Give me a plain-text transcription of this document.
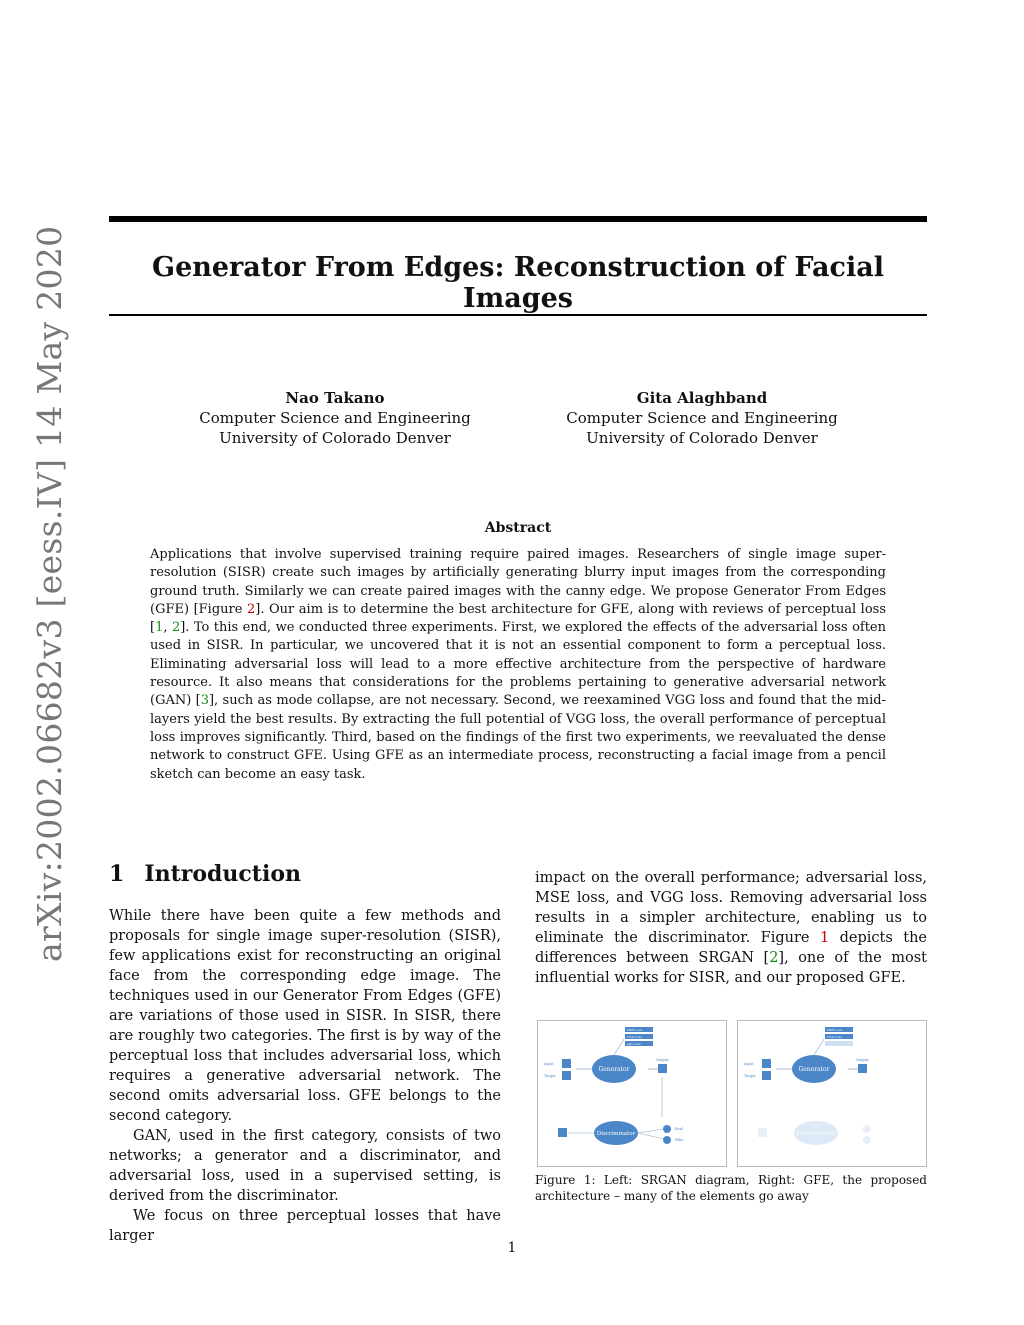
arXiv:2002.06682v3 [eess.IV] 14 May 2020	Generator From Edges: Reconstruction of Facial Images
Nao Takano
Computer Science and Engineering
University of Colorado Denver
Gita Alaghband
Computer Science and Engineering
University of Colorado Denver
Abstract

Applications that involve supervised training require paired images. Researchers of single image super-resolution (SISR) create such images by artificially generating blurry input images from the corresponding ground truth. Similarly we can create paired images with the canny edge. We propose Generator From Edges (GFE) [Figure 2]. Our aim is to determine the best architecture for GFE, along with reviews of perceptual loss [1, 2]. To this end, we conducted three experiments. First, we explored the effects of the adversarial loss often used in SISR. In particular, we uncovered that it is not an essential component to form a perceptual loss. Eliminating adversarial loss will lead to a more effective architecture from the perspective of hardware resource. It also means that considerations for the problems pertaining to generative adversarial network (GAN) [3], such as mode collapse, are not necessary. Second, we reexamined VGG loss and found that the mid-layers yield the best results. By extracting the full potential of VGG loss, the overall performance of perceptual loss improves significantly. Third, based on the findings of the first two experiments, we reevaluated the dense network to construct GFE. Using GFE as an intermediate process, reconstructing a facial image from a pencil sketch can become an easy task.

1 Introduction

While there have been quite a few methods and proposals for single image super-resolution (SISR), few applications exist for reconstructing an original face from the corresponding edge image. The techniques used in our Generator From Edges (GFE) are variations of those used in SISR. In SISR, there are roughly two categories. The first is by way of the perceptual loss that includes adversarial loss, which requires a generative adversarial network. The second omits adversarial loss. GFE belongs to the second category.

GAN, used in the first category, consists of two networks; a generator and a discriminator, and adversarial loss, used in a supervised setting, is derived from the discriminator.

We focus on three perceptual losses that have larger

impact on the overall performance; adversarial loss, MSE loss, and VGG loss. Removing adversarial loss results in a simpler architecture, enabling us to eliminate the discriminator. Figure 1 depicts the differences between SRGAN [2], one of the most influential works for SISR, and our proposed GFE.

MSE Loss
VGG Loss
Adv Loss
Input
Target
Generator
Output
Discriminator
Real
Fake
MSE Loss
VGG Loss
Input
Target
Generator
Output
Discriminator

Figure 1: Left: SRGAN diagram, Right: GFE, the proposed architecture – many of the elements go away

1
